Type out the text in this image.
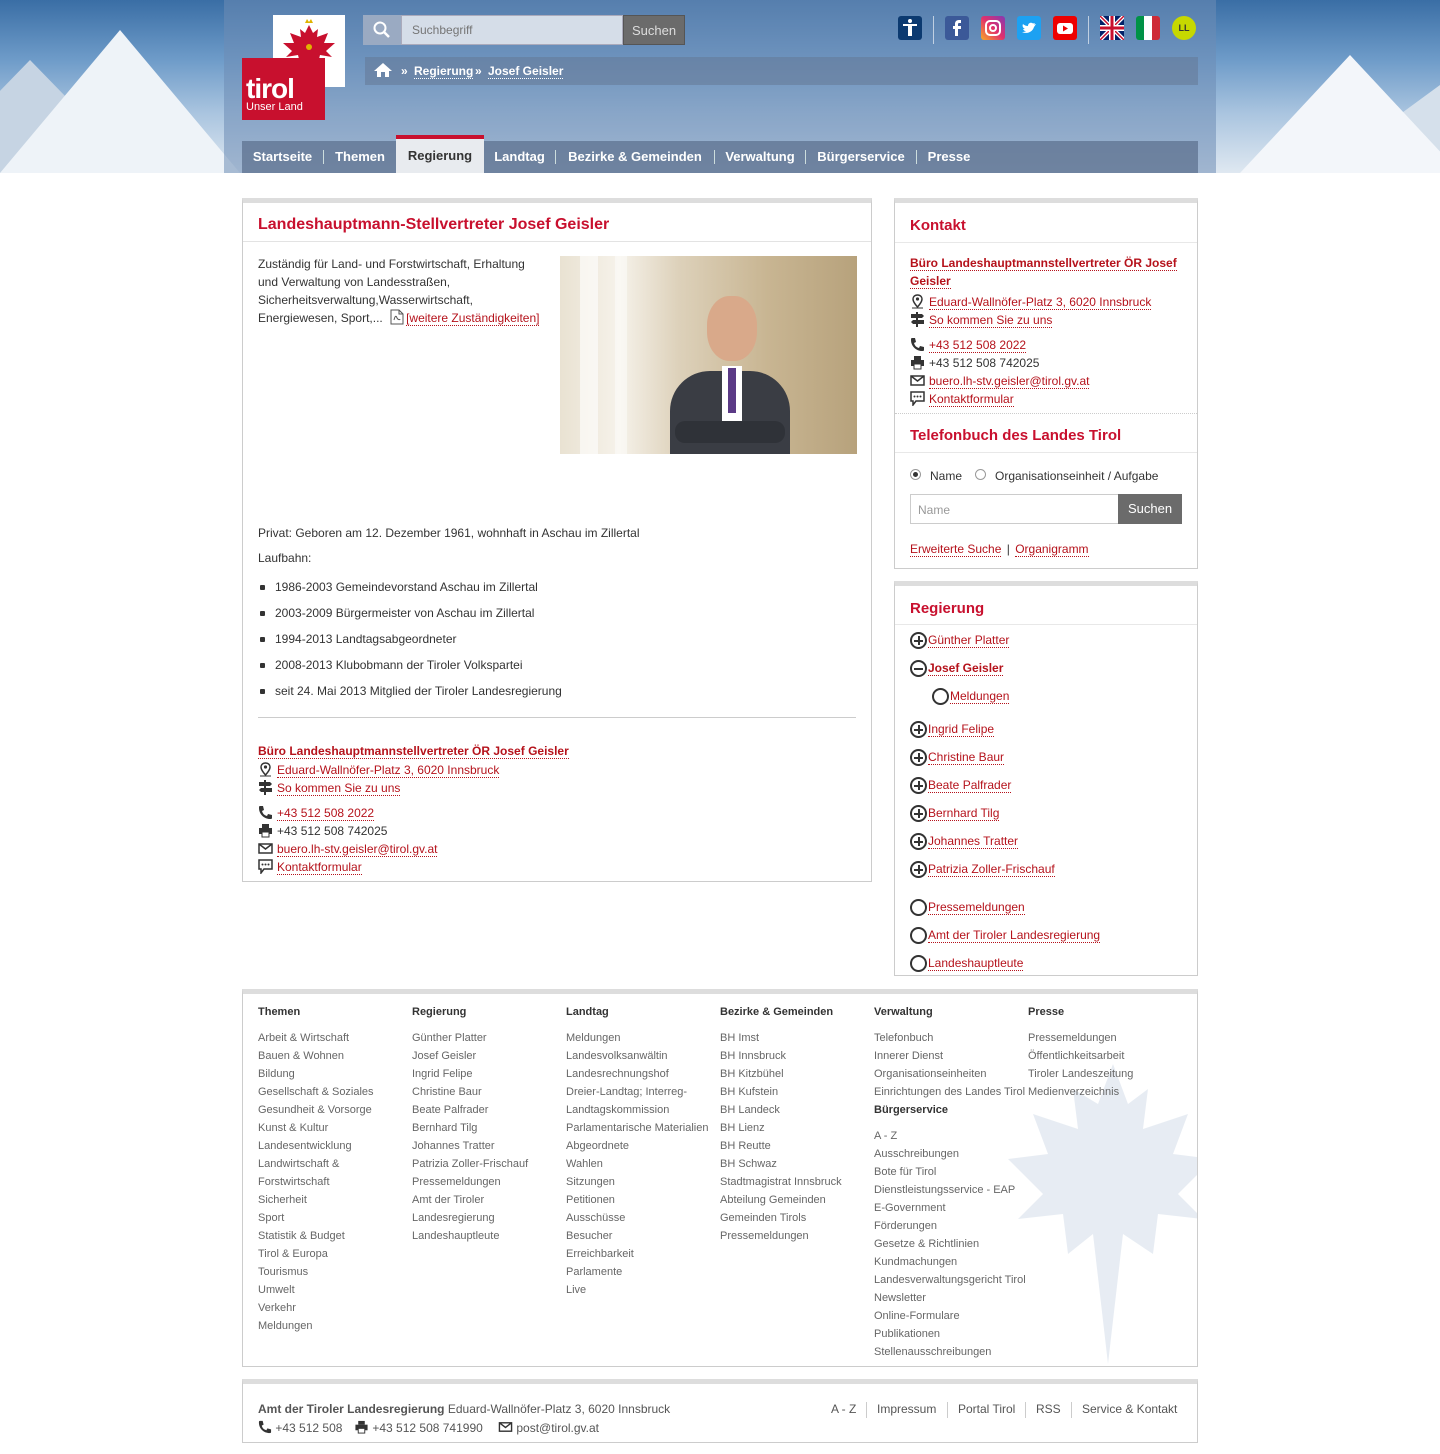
tirol
Unser Land
Suchbegriff
Suchen	LL
» Regierung » Josef Geisler
Startseite	Themen	Regierung	Landtag	Bezirke & Gemeinden	Verwaltung	Bürgerservice	Presse
Landeshauptmann-Stellvertreter Josef Geisler
Zuständig für Land- und Forstwirtschaft, Erhaltung
und Verwaltung von Landesstraßen,
Sicherheitsverwaltung,Wasserwirtschaft,
Energiewesen, Sport,... [weitere Zuständigkeiten]
Privat: Geboren am 12. Dezember 1961, wohnhaft in Aschau im Zillertal
Laufbahn:
1986-2003 Gemeindevorstand Aschau im Zillertal
2003-2009 Bürgermeister von Aschau im Zillertal
1994-2013 Landtagsabgeordneter
2008-2013 Klubobmann der Tiroler Volkspartei
seit 24. Mai 2013 Mitglied der Tiroler Landesregierung
Büro Landeshauptmannstellvertreter ÖR Josef Geisler
Eduard-Wallnöfer-Platz 3, 6020 Innsbruck
So kommen Sie zu uns
+43 512 508 2022
+43 512 508 742025
buero.lh-stv.geisler@tirol.gv.at
Kontaktformular
Kontakt
Büro Landeshauptmannstellvertreter ÖR Josef
Geisler
Eduard-Wallnöfer-Platz 3, 6020 Innsbruck
So kommen Sie zu uns
+43 512 508 2022
+43 512 508 742025
buero.lh-stv.geisler@tirol.gv.at
Kontaktformular
Telefonbuch des Landes Tirol
Name	Organisationseinheit / Aufgabe
Name	Suchen
Erweiterte Suche | Organigramm
Regierung
Günther Platter
Josef Geisler
Meldungen
Ingrid Felipe
Christine Baur
Beate Palfrader
Bernhard Tilg
Johannes Tratter
Patrizia Zoller-Frischauf
Pressemeldungen
Amt der Tiroler Landesregierung
Landeshauptleute
Themen
Arbeit & Wirtschaft
Bauen & Wohnen
Bildung
Gesellschaft & Soziales
Gesundheit & Vorsorge
Kunst & Kultur
Landesentwicklung
Landwirtschaft &
Forstwirtschaft
Sicherheit
Sport
Statistik & Budget
Tirol & Europa
Tourismus
Umwelt
Verkehr
Meldungen
Regierung
Günther Platter
Josef Geisler
Ingrid Felipe
Christine Baur
Beate Palfrader
Bernhard Tilg
Johannes Tratter
Patrizia Zoller-Frischauf
Pressemeldungen
Amt der Tiroler
Landesregierung
Landeshauptleute
Landtag
Meldungen
Landesvolksanwältin
Landesrechnungshof
Dreier-Landtag; Interreg-
Landtagskommission
Parlamentarische Materialien
Abgeordnete
Wahlen
Sitzungen
Petitionen
Ausschüsse
Besucher
Erreichbarkeit
Parlamente
Live
Bezirke & Gemeinden
BH Imst
BH Innsbruck
BH Kitzbühel
BH Kufstein
BH Landeck
BH Lienz
BH Reutte
BH Schwaz
Stadtmagistrat Innsbruck
Abteilung Gemeinden
Gemeinden Tirols
Pressemeldungen
Verwaltung
Telefonbuch
Innerer Dienst
Organisationseinheiten
Einrichtungen des Landes Tirol
Bürgerservice
A - Z
Ausschreibungen
Bote für Tirol
Dienstleistungsservice - EAP
E-Government
Förderungen
Gesetze & Richtlinien
Kundmachungen
Landesverwaltungsgericht Tirol
Newsletter
Online-Formulare
Publikationen
Stellenausschreibungen
Presse
Pressemeldungen
Öffentlichkeitsarbeit
Tiroler Landeszeitung
Medienverzeichnis
Amt der Tiroler Landesregierung Eduard-Wallnöfer-Platz 3, 6020 Innsbruck
+43 512 508	+43 512 508 741990	post@tirol.gv.at
A - Z Impressum Portal Tirol RSS Service & Kontakt
